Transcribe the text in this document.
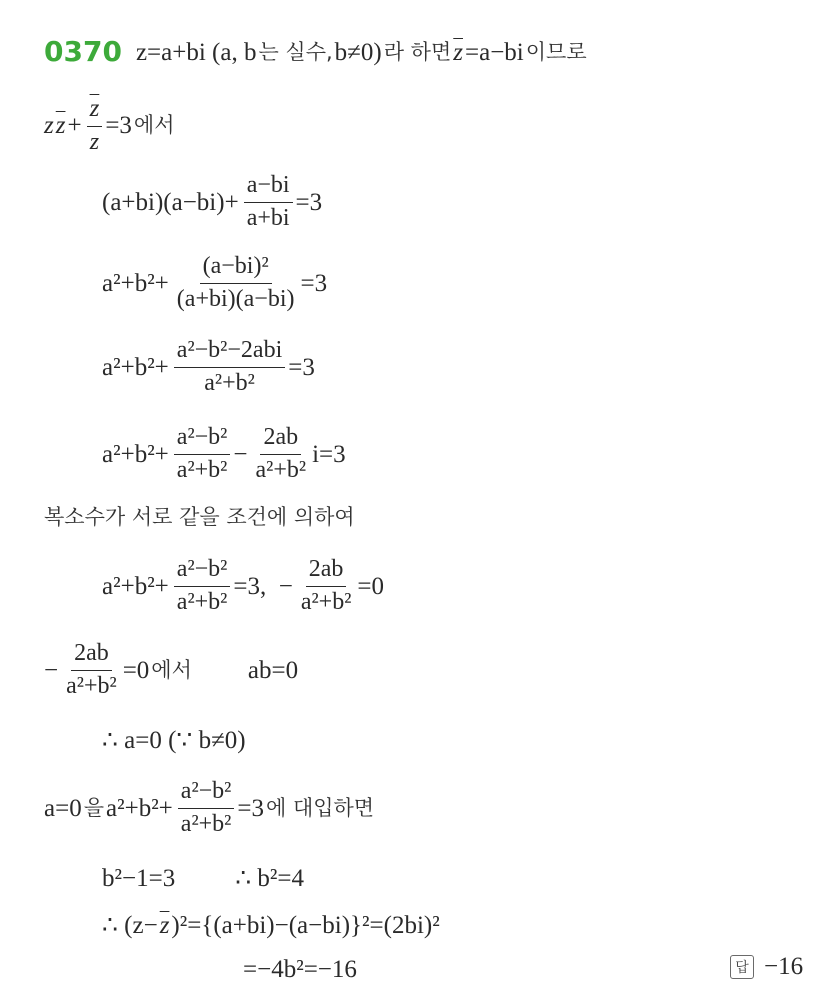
0370 z=a+bi (a, b 는 실수, b≠0) 라 하면 $\overline{z} =a-bi$ 이므로
z $\overline{z} + \frac{\overline{z}}{z} =3$ 에서
$(a+bi)(a-bi)+ \frac{a-bi}{a+bi} =3$
$a^2+b^2+ \frac{\text{(a−bi)²}}{(a+bi)(a-bi)} =3$
$a^2+b^2+ \frac{\text{a²−b²−2abi}}{\text{a²+b²}} =3$
$a^2+b^2+ \frac{\text{a²−b²}}{\text{a²+b²}} - \frac{2ab}{\text{a²+b²}} i=3$
복소수가 서로 같을 조건에 의하여
$a^2+b^2+ \frac{\text{a²−b²}}{\text{a²+b²}} =3$,  − $\frac{2ab}{\text{a²+b²}} =0$
− $\frac{2ab}{\text{a²+b²}} =0$ 에서 ab=0
∴ a=0 (∵ b≠0)
a=0 을 $a^2+b^2+ \frac{\text{a²−b²}}{\text{a²+b²}} =3$ 에 대입하면
b²−1=3 ∴ b²=4
∴ ($z- \overline{z}$ )²={(a+bi)−(a−bi)}²=(2bi)²
=−4b²=−16	답 −16
